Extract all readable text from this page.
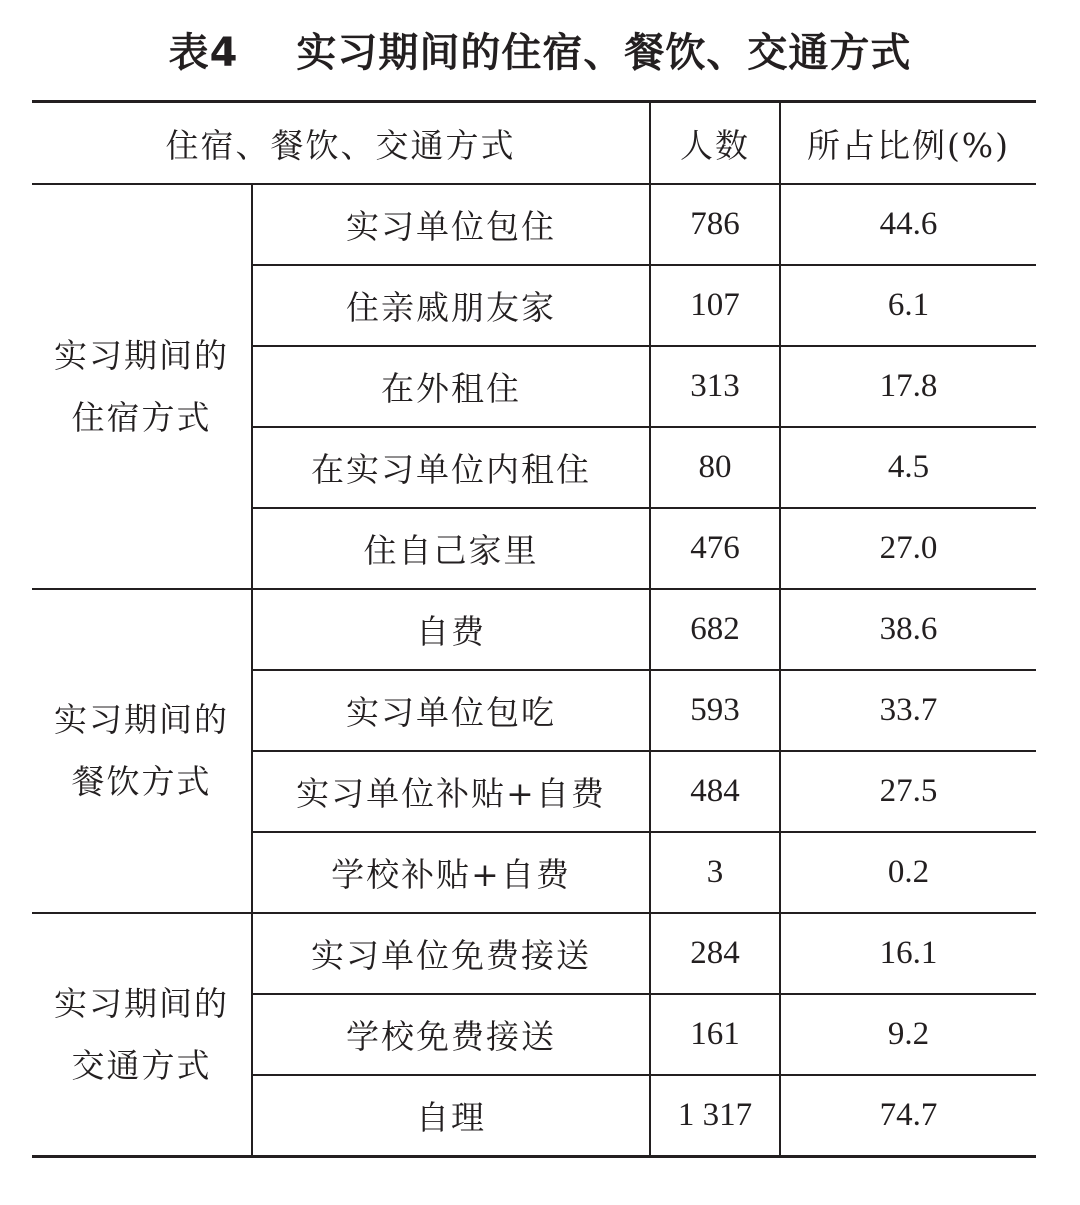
表4 实习期间的住宿、餐饮、交通方式
住宿、餐饮、交通方式		人数	所占比例(%)

实习期间的
住宿方式	实习单位包住	786	44.6
	住亲戚朋友家	107	6.1
	在外租住	313	17.8
	在实习单位内租住	80	4.5
	住自己家里	476	27.0

实习期间的
餐饮方式	自费	682	38.6
	实习单位包吃	593	33.7
	实习单位补贴+自费	484	27.5
	学校补贴+自费	3	0.2

实习期间的
交通方式	实习单位免费接送	284	16.1
	学校免费接送	161	9.2
	自理	1 317	74.7
